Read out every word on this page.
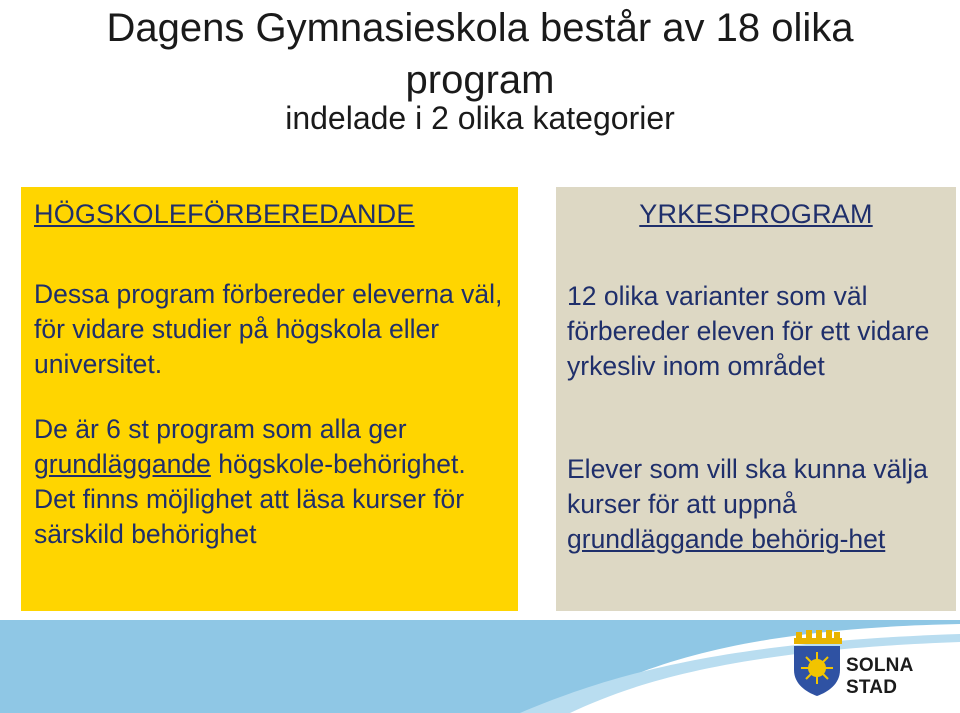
Dagens Gymnasieskola består av 18 olika
program
indelade i 2 olika kategorier
HÖGSKOLEFÖRBEREDANDE
Dessa program förbereder eleverna väl, för vidare studier på högskola eller universitet.
De är 6 st program som alla ger grundläggande högskole-behörighet. Det finns möjlighet att läsa kurser för särskild behörighet
YRKESPROGRAM
12 olika varianter som väl förbereder eleven för ett vidare yrkesliv inom området
Elever som vill ska kunna välja kurser för att uppnå grundläggande behörig-het
SOLNA STAD
